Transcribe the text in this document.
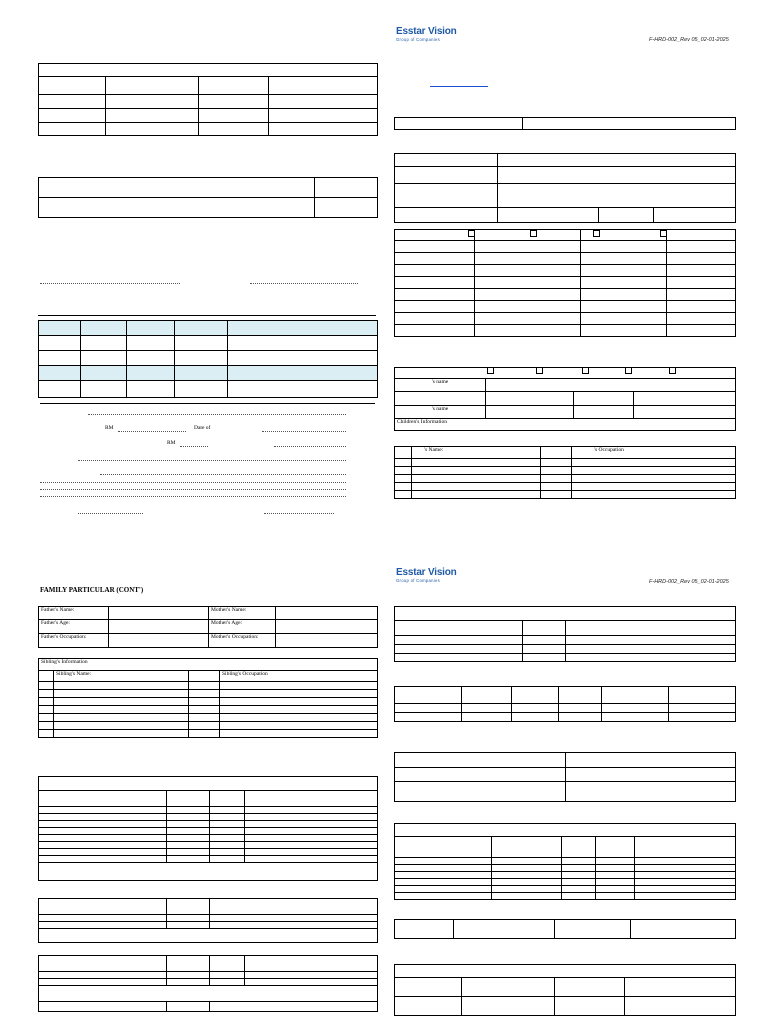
RM	Date of
RM
Esstar Vision
Group of Companies	F-HRD-002_Rev 05_02-01-2025

's name			

's name			
Children's Information			
	's Name:		's Occupation

FAMILY PARTICULAR (CONT')
Father's Name:		Mother's Name:	
Father's Age:		Mother's Age:	
Father's Occupation:		Mother's Occupation:	
Sibling's Information			
	Sibling's Name:		Sibling's Occupation

Esstar Vision
Group of Companies	F-HRD-002_Rev 05_02-01-2025
